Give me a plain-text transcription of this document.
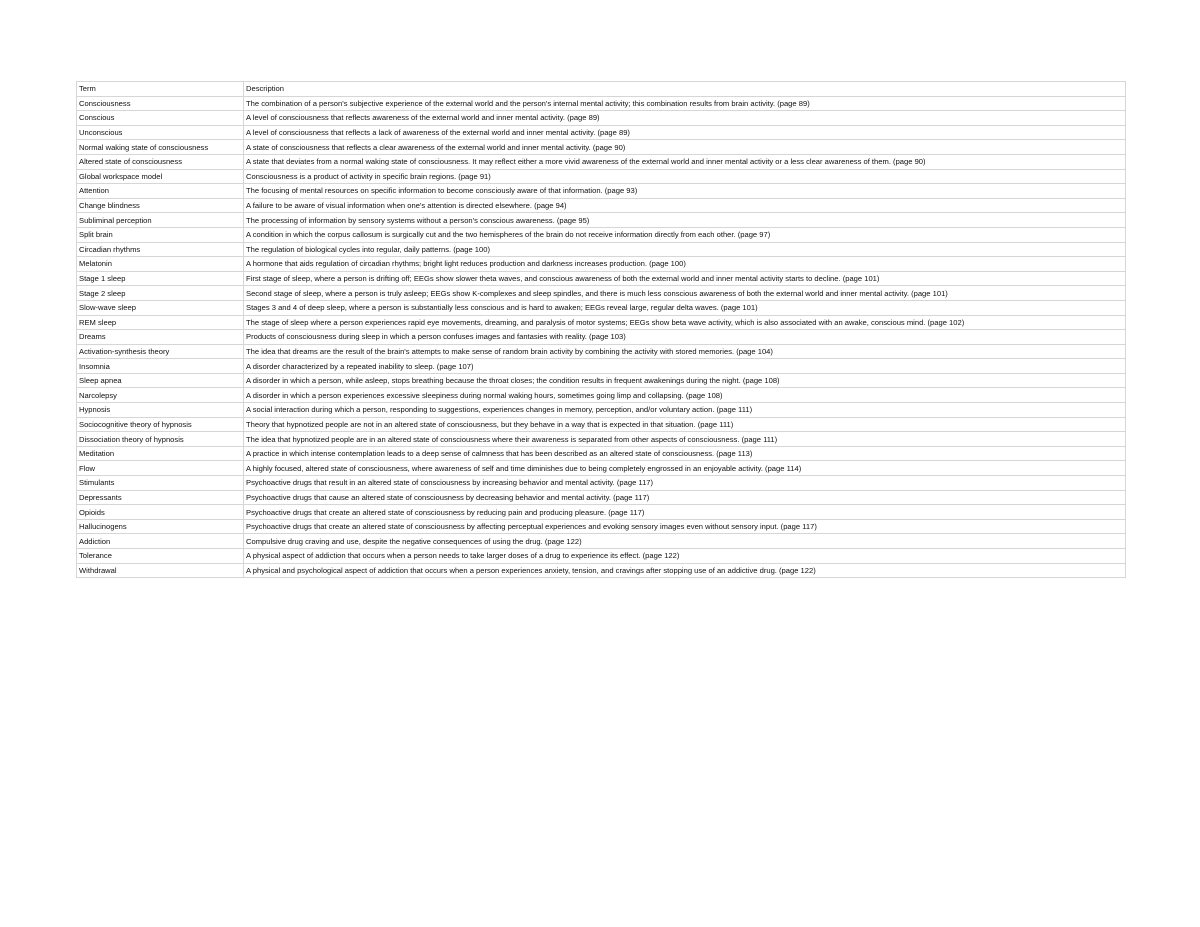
Term	Description
Consciousness	The combination of a person's subjective experience of the external world and the person's internal mental activity; this combination results from brain activity. (page 89)
Conscious	A level of consciousness that reflects awareness of the external world and inner mental activity. (page 89)
Unconscious	A level of consciousness that reflects a lack of awareness of the external world and inner mental activity. (page 89)
Normal waking state of consciousness	A state of consciousness that reflects a clear awareness of the external world and inner mental activity. (page 90)
Altered state of consciousness	A state that deviates from a normal waking state of consciousness. It may reflect either a more vivid awareness of the external world and inner mental activity or a less clear awareness of them. (page 90)
Global workspace model	Consciousness is a product of activity in specific brain regions. (page 91)
Attention	The focusing of mental resources on specific information to become consciously aware of that information. (page 93)
Change blindness	A failure to be aware of visual information when one's attention is directed elsewhere. (page 94)
Subliminal perception	The processing of information by sensory systems without a person's conscious awareness. (page 95)
Split brain	A condition in which the corpus callosum is surgically cut and the two hemispheres of the brain do not receive information directly from each other. (page 97)
Circadian rhythms	The regulation of biological cycles into regular, daily patterns. (page 100)
Melatonin	A hormone that aids regulation of circadian rhythms; bright light reduces production and darkness increases production. (page 100)
Stage 1 sleep	First stage of sleep, where a person is drifting off; EEGs show slower theta waves, and conscious awareness of both the external world and inner mental activity starts to decline. (page 101)
Stage 2 sleep	Second stage of sleep, where a person is truly asleep; EEGs show K-complexes and sleep spindles, and there is much less conscious awareness of both the external world and inner mental activity. (page 101)
Slow-wave sleep	Stages 3 and 4 of deep sleep, where a person is substantially less conscious and is hard to awaken; EEGs reveal large, regular delta waves. (page 101)
REM sleep	The stage of sleep where a person experiences rapid eye movements, dreaming, and paralysis of motor systems; EEGs show beta wave activity, which is also associated with an awake, conscious mind. (page 102)
Dreams	Products of consciousness during sleep in which a person confuses images and fantasies with reality. (page 103)
Activation-synthesis theory	The idea that dreams are the result of the brain's attempts to make sense of random brain activity by combining the activity with stored memories. (page 104)
Insomnia	A disorder characterized by a repeated inability to sleep. (page 107)
Sleep apnea	A disorder in which a person, while asleep, stops breathing because the throat closes; the condition results in frequent awakenings during the night. (page 108)
Narcolepsy	A disorder in which a person experiences excessive sleepiness during normal waking hours, sometimes going limp and collapsing. (page 108)
Hypnosis	A social interaction during which a person, responding to suggestions, experiences changes in memory, perception, and/or voluntary action. (page 111)
Sociocognitive theory of hypnosis	Theory that hypnotized people are not in an altered state of consciousness, but they behave in a way that is expected in that situation. (page 111)
Dissociation theory of hypnosis	The idea that hypnotized people are in an altered state of consciousness where their awareness is separated from other aspects of consciousness. (page 111)
Meditation	A practice in which intense contemplation leads to a deep sense of calmness that has been described as an altered state of consciousness. (page 113)
Flow	A highly focused, altered state of consciousness, where awareness of self and time diminishes due to being completely engrossed in an enjoyable activity. (page 114)
Stimulants	Psychoactive drugs that result in an altered state of consciousness by increasing behavior and mental activity. (page 117)
Depressants	Psychoactive drugs that cause an altered state of consciousness by decreasing behavior and mental activity. (page 117)
Opioids	Psychoactive drugs that create an altered state of consciousness by reducing pain and producing pleasure. (page 117)
Hallucinogens	Psychoactive drugs that create an altered state of consciousness by affecting perceptual experiences and evoking sensory images even without sensory input. (page 117)
Addiction	Compulsive drug craving and use, despite the negative consequences of using the drug. (page 122)
Tolerance	A physical aspect of addiction that occurs when a person needs to take larger doses of a drug to experience its effect. (page 122)
Withdrawal	A physical and psychological aspect of addiction that occurs when a person experiences anxiety, tension, and cravings after stopping use of an addictive drug. (page 122)
